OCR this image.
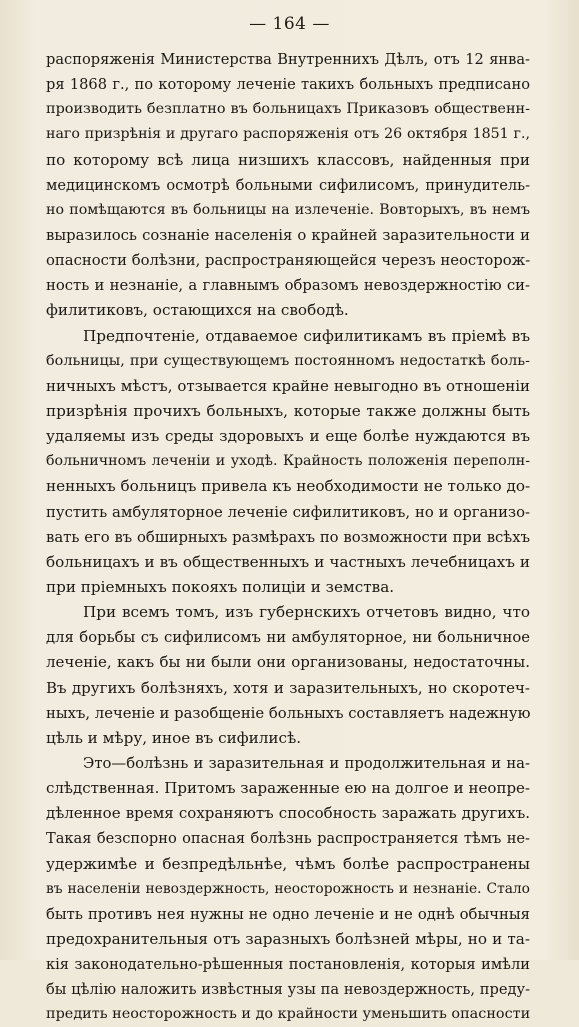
— 164 —
распоряженія Министерства Внутреннихъ Дѣлъ, отъ 12 янва-
ря 1868 г., по которому леченіе такихъ больныхъ предписано
производить безплатно въ больницахъ Приказовъ общественн-
наго призрѣнія и другаго распоряженія отъ 26 октября 1851 г.,
по которому всѣ лица низшихъ классовъ, найденныя при
медицинскомъ осмотрѣ больными сифилисомъ, принудитель-
но помѣщаются въ больницы на излеченіе. Вовторыхъ, въ немъ
выразилось сознаніе населенія о крайней заразительности и
опасности болѣзни, распространяющейся черезъ неосторож-
ность и незнаніе, а главнымъ образомъ невоздержностію си-
филитиковъ, остающихся на свободѣ.
Предпочтеніе, отдаваемое сифилитикамъ въ пріемѣ въ
больницы, при существующемъ постоянномъ недостаткѣ боль-
ничныхъ мѣстъ, отзывается крайне невыгодно въ отношеніи
призрѣнія прочихъ больныхъ, которые также должны быть
удаляемы изъ среды здоровыхъ и еще болѣе нуждаются въ
больничномъ леченіи и уходѣ. Крайность положенія переполн-
ненныхъ больницъ привела къ необходимости не только до-
пустить амбуляторное леченіе сифилитиковъ, но и организо-
вать его въ обширныхъ размѣрахъ по возможности при всѣхъ
больницахъ и въ общественныхъ и частныхъ лечебницахъ и
при пріемныхъ покояхъ полиціи и земства.
При всемъ томъ, изъ губернскихъ отчетовъ видно, что
для борьбы съ сифилисомъ ни амбуляторное, ни больничное
леченіе, какъ бы ни были они организованы, недостаточны.
Въ другихъ болѣзняхъ, хотя и заразительныхъ, но скоротеч-
ныхъ, леченіе и разобщеніе больныхъ составляетъ надежную
цѣль и мѣру, иное въ сифилисѣ.
Это—болѣзнь и заразительная и продолжительная и на-
слѣдственная. Притомъ зараженные ею на долгое и неопре-
дѣленное время сохраняютъ способность заражать другихъ.
Такая безспорно опасная болѣзнь распространяется тѣмъ не-
удержимѣе и безпредѣльнѣе, чѣмъ болѣе распространены
въ населеніи невоздержность, неосторожность и незнаніе. Стало
быть противъ нея нужны не одно леченіе и не однѣ обычныя
предохранительныя отъ заразныхъ болѣзней мѣры, но и та-
кія законодательно-рѣшенныя постановленія, которыя имѣли
бы цѣлію наложить извѣстныя узы па невоздержность, преду-
предить неосторожность и до крайности уменьшить опасности
